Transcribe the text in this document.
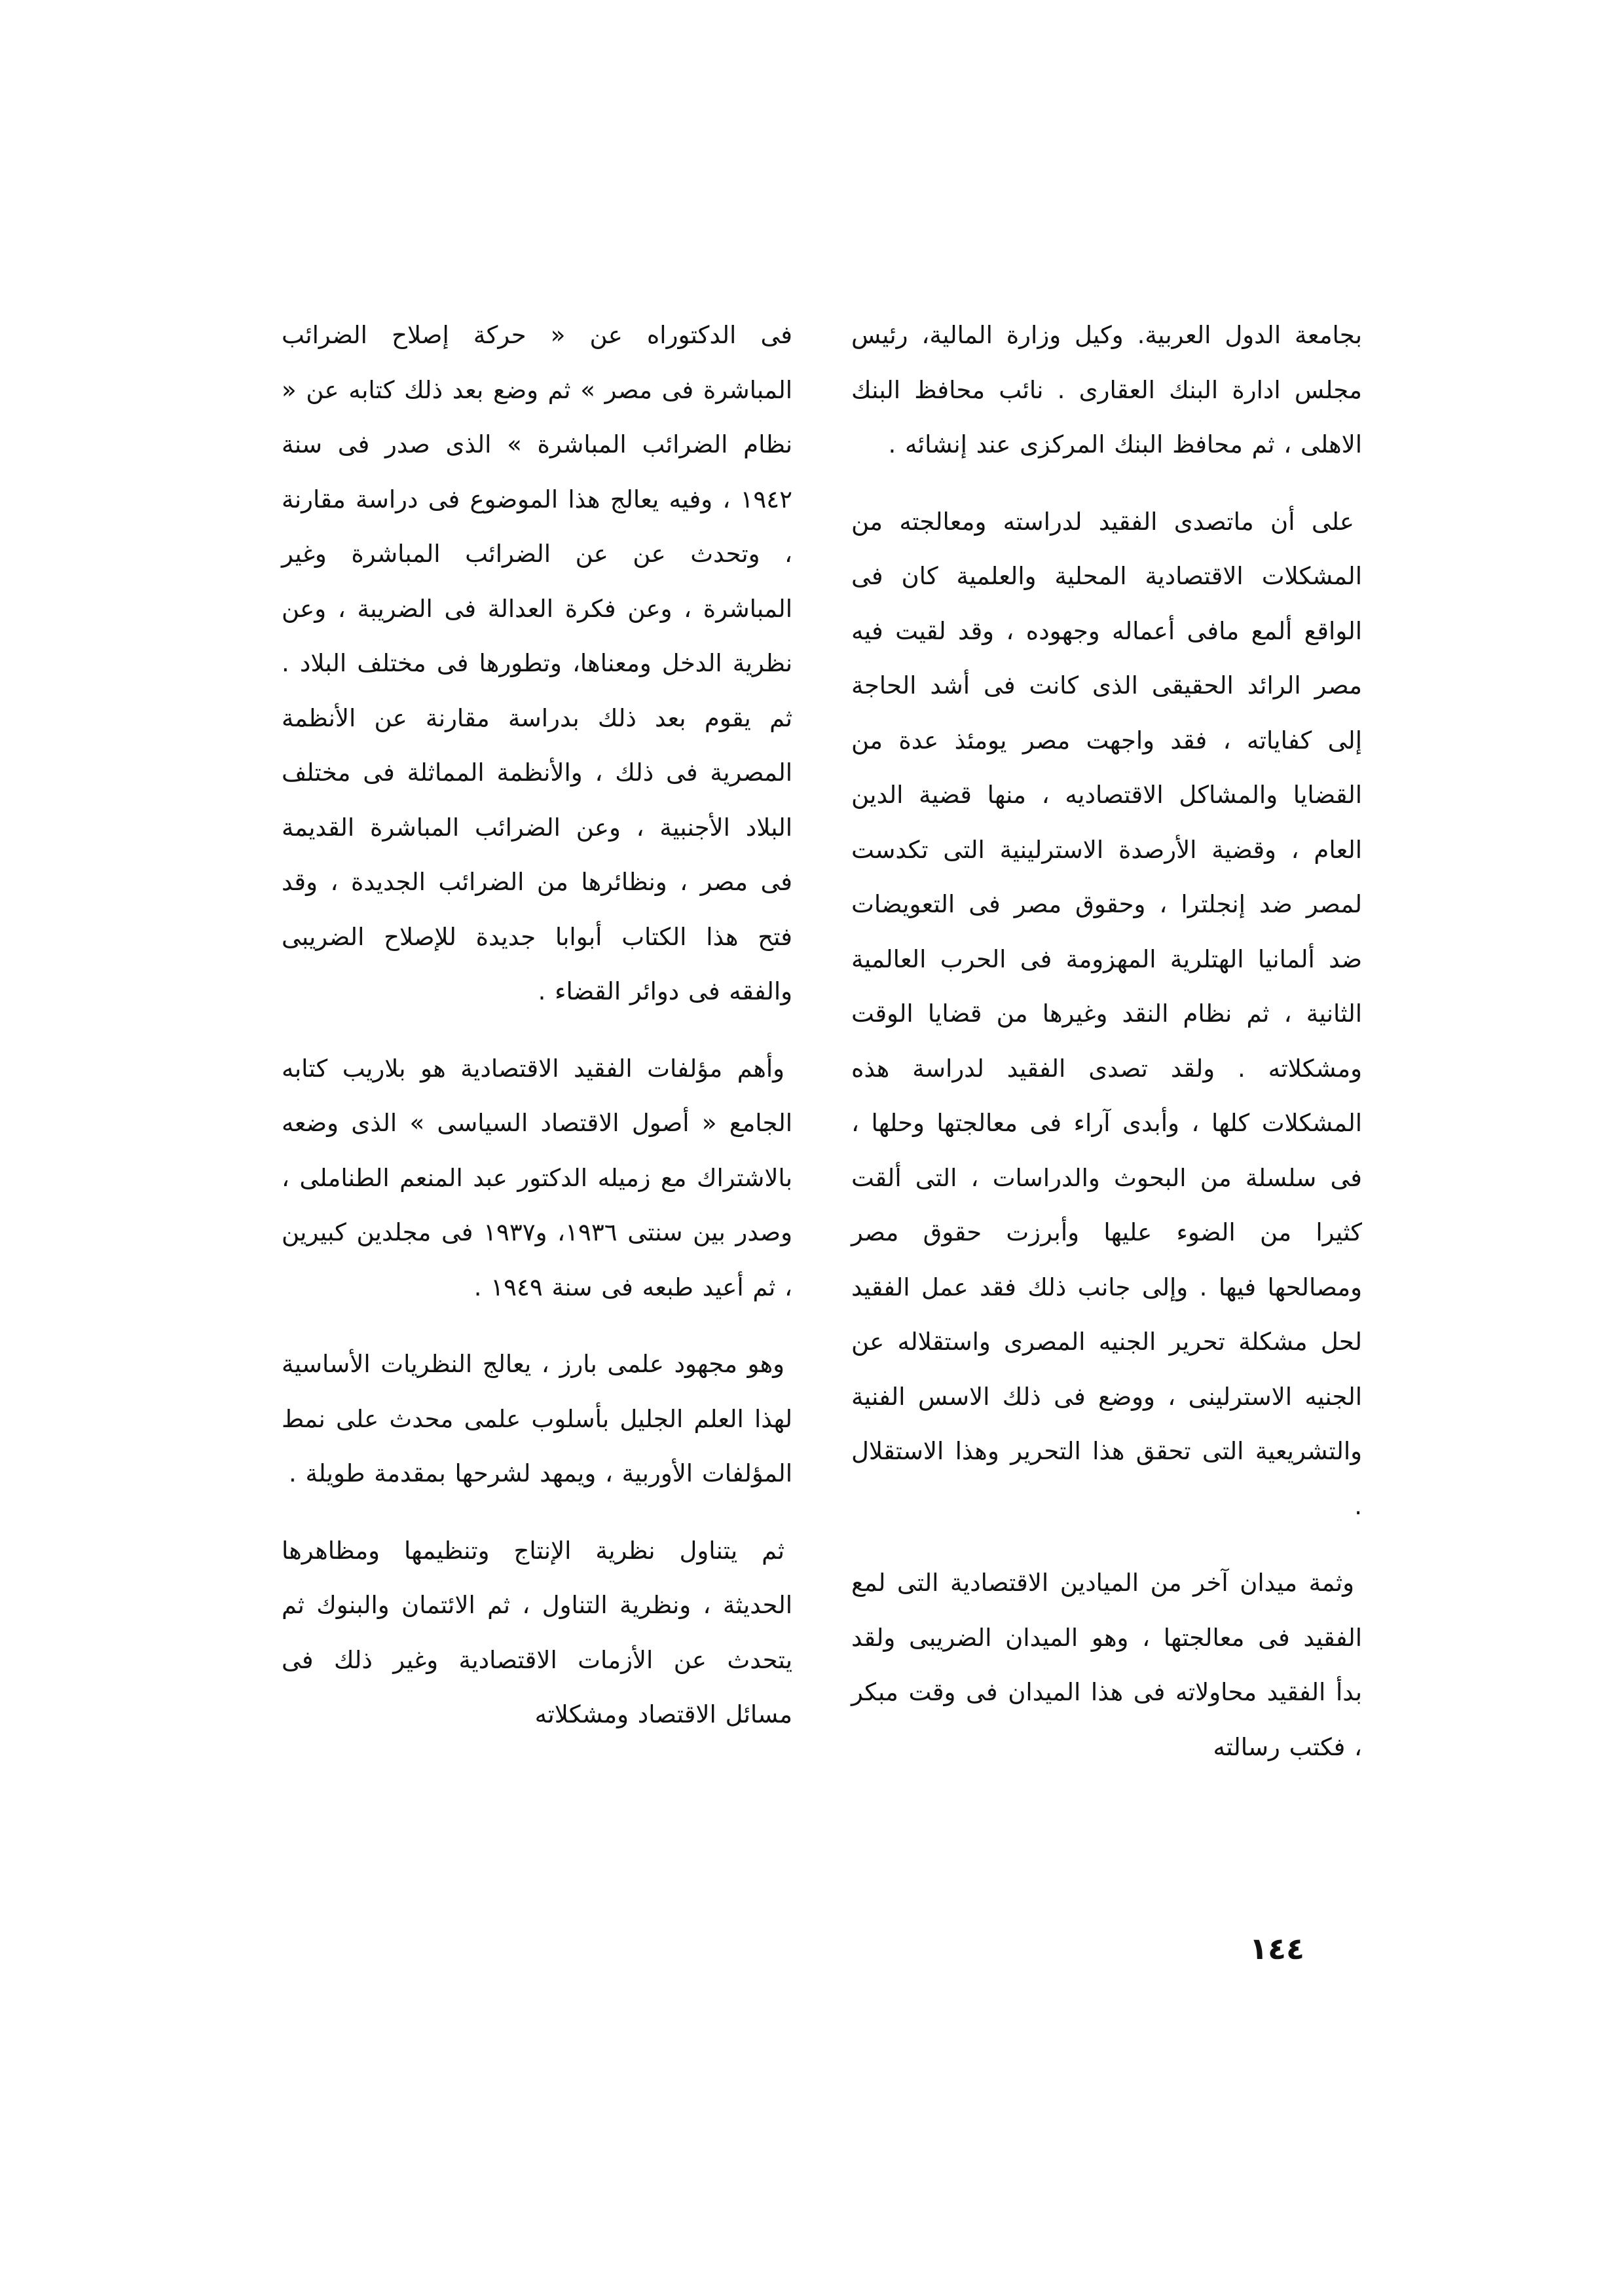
بجامعة الدول العربية. وكيل وزارة المالية، رئيس مجلس ادارة البنك العقارى . نائب محافظ البنك الاهلى ، ثم محافظ البنك المركزى عند إنشائه .

على أن ماتصدى الفقيد لدراسته ومعالجته من المشكلات الاقتصادية المحلية والعلمية كان فى الواقع ألمع مافى أعماله وجهوده ، وقد لقيت فيه مصر الرائد الحقيقى الذى كانت فى أشد الحاجة إلى كفاياته ، فقد واجهت مصر يومئذ عدة من القضايا والمشاكل الاقتصاديه ، منها قضية الدين العام ، وقضية الأرصدة الاسترلينية التى تكدست لمصر ضد إنجلترا ، وحقوق مصر فى التعويضات ضد ألمانيا الهتلرية المهزومة فى الحرب العالمية الثانية ، ثم نظام النقد وغيرها من قضايا الوقت ومشكلاته . ولقد تصدى الفقيد لدراسة هذه المشكلات كلها ، وأبدى آراء فى معالجتها وحلها ، فى سلسلة من البحوث والدراسات ، التى ألقت كثيرا من الضوء عليها وأبرزت حقوق مصر ومصالحها فيها . وإلى جانب ذلك فقد عمل الفقيد لحل مشكلة تحرير الجنيه المصرى واستقلاله عن الجنيه الاسترلينى ، ووضع فى ذلك الاسس الفنية والتشريعية التى تحقق هذا التحرير وهذا الاستقلال .

وثمة ميدان آخر من الميادين الاقتصادية التى لمع الفقيد فى معالجتها ، وهو الميدان الضريبى ولقد بدأ الفقيد محاولاته فى هذا الميدان فى وقت مبكر ، فكتب رسالته

فى الدكتوراه عن « حركة إصلاح الضرائب المباشرة فى مصر » ثم وضع بعد ذلك كتابه عن « نظام الضرائب المباشرة » الذى صدر فى سنة ١٩٤٢ ، وفيه يعالج هذا الموضوع فى دراسة مقارنة ، وتحدث عن عن الضرائب المباشرة وغير المباشرة ، وعن فكرة العدالة فى الضريبة ، وعن نظرية الدخل ومعناها، وتطورها فى مختلف البلاد . ثم يقوم بعد ذلك بدراسة مقارنة عن الأنظمة المصرية فى ذلك ، والأنظمة المماثلة فى مختلف البلاد الأجنبية ، وعن الضرائب المباشرة القديمة فى مصر ، ونظائرها من الضرائب الجديدة ، وقد فتح هذا الكتاب أبوابا جديدة للإصلاح الضريبى والفقه فى دوائر القضاء .

وأهم مؤلفات الفقيد الاقتصادية هو بلاريب كتابه الجامع « أصول الاقتصاد السياسى » الذى وضعه بالاشتراك مع زميله الدكتور عبد المنعم الطناملى ، وصدر بين سنتى ١٩٣٦، و١٩٣٧ فى مجلدين كبيرين ، ثم أعيد طبعه فى سنة ١٩٤٩ .

وهو مجهود علمى بارز ، يعالج النظريات الأساسية لهذا العلم الجليل بأسلوب علمى محدث على نمط المؤلفات الأوربية ، ويمهد لشرحها بمقدمة طويلة .

ثم يتناول نظرية الإنتاج وتنظيمها ومظاهرها الحديثة ، ونظرية التناول ، ثم الائتمان والبنوك ثم يتحدث عن الأزمات الاقتصادية وغير ذلك فى مسائل الاقتصاد ومشكلاته

١٤٤
